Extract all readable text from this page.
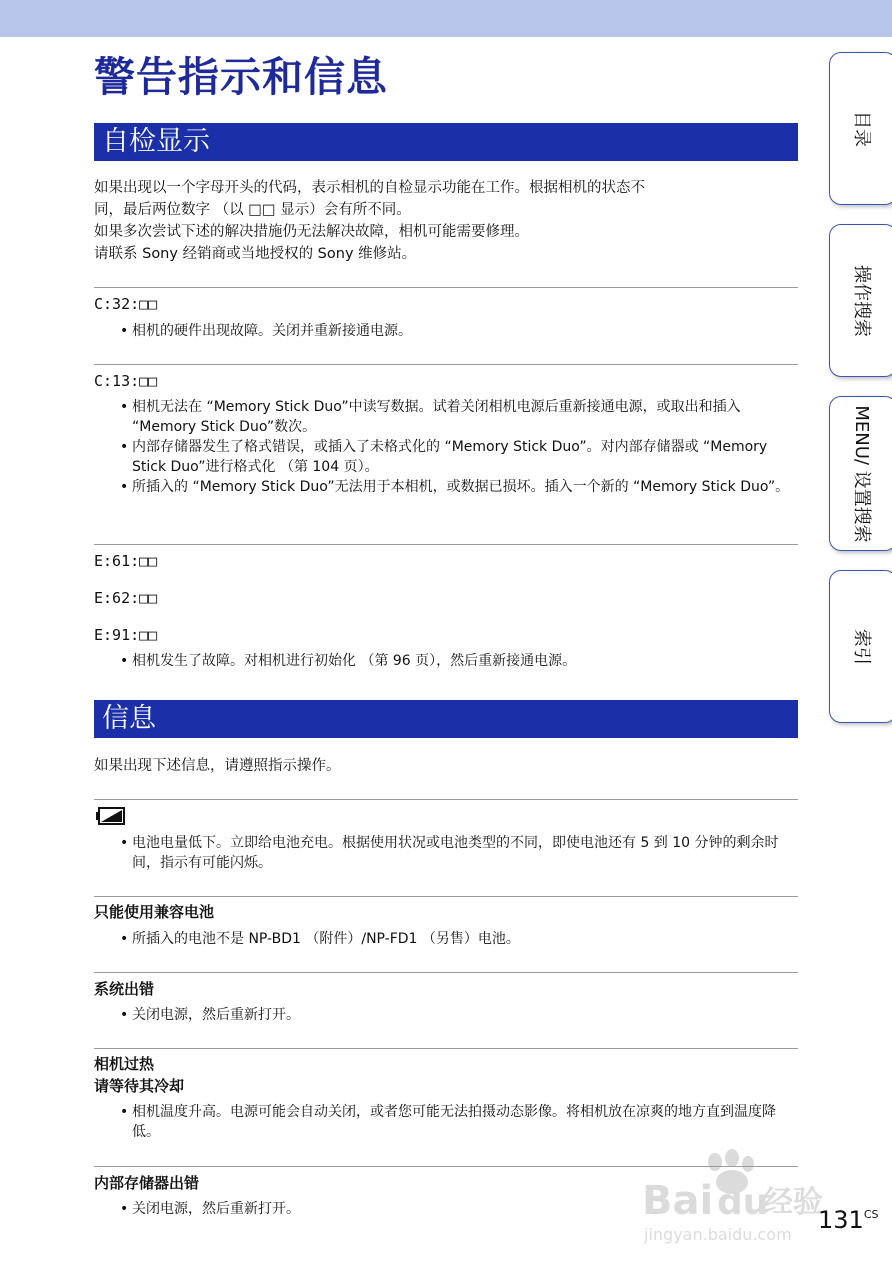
警告指示和信息
目录
操作搜索
MENU/ 设置搜索
索引
自检显示

如果出现以一个字母开头的代码，表示相机的自检显示功能在工作。根据相机的状态不

同，最后两位数字 （以 □□ 显示）会有所不同。

如果多次尝试下述的解决措施仍无法解决故障，相机可能需要修理。

请联系 Sony 经销商或当地授权的 Sony 维修站。

C:32:□□
• 相机的硬件出现故障。关闭并重新接通电源。
C:13:□□
• 相机无法在 “Memory Stick Duo”中读写数据。试着关闭相机电源后重新接通电源，或取出和插入 “Memory Stick Duo”数次。
• 内部存储器发生了格式错误，或插入了未格式化的 “Memory Stick Duo”。对内部存储器或 “Memory Stick Duo”进行格式化 （第 104 页）。
• 所插入的 “Memory Stick Duo”无法用于本相机，或数据已损坏。插入一个新的 “Memory Stick Duo”。
E:61:□□
E:62:□□
E:91:□□
• 相机发生了故障。对相机进行初始化 （第 96 页），然后重新接通电源。
信息

如果出现下述信息，请遵照指示操作。

• 电池电量低下。立即给电池充电。根据使用状况或电池类型的不同，即使电池还有 5 到 10 分钟的剩余时间，指示有可能闪烁。
只能使用兼容电池
• 所插入的电池不是 NP-BD1 （附件）/NP-FD1 （另售）电池。
系统出错
• 关闭电源，然后重新打开。
相机过热
请等待其冷却
• 相机温度升高。电源可能会自动关闭，或者您可能无法拍摄动态影像。将相机放在凉爽的地方直到温度降低。
内部存储器出错
• 关闭电源，然后重新打开。	Bai du
经验
jingyan.baidu.com
$131^{CS}$
